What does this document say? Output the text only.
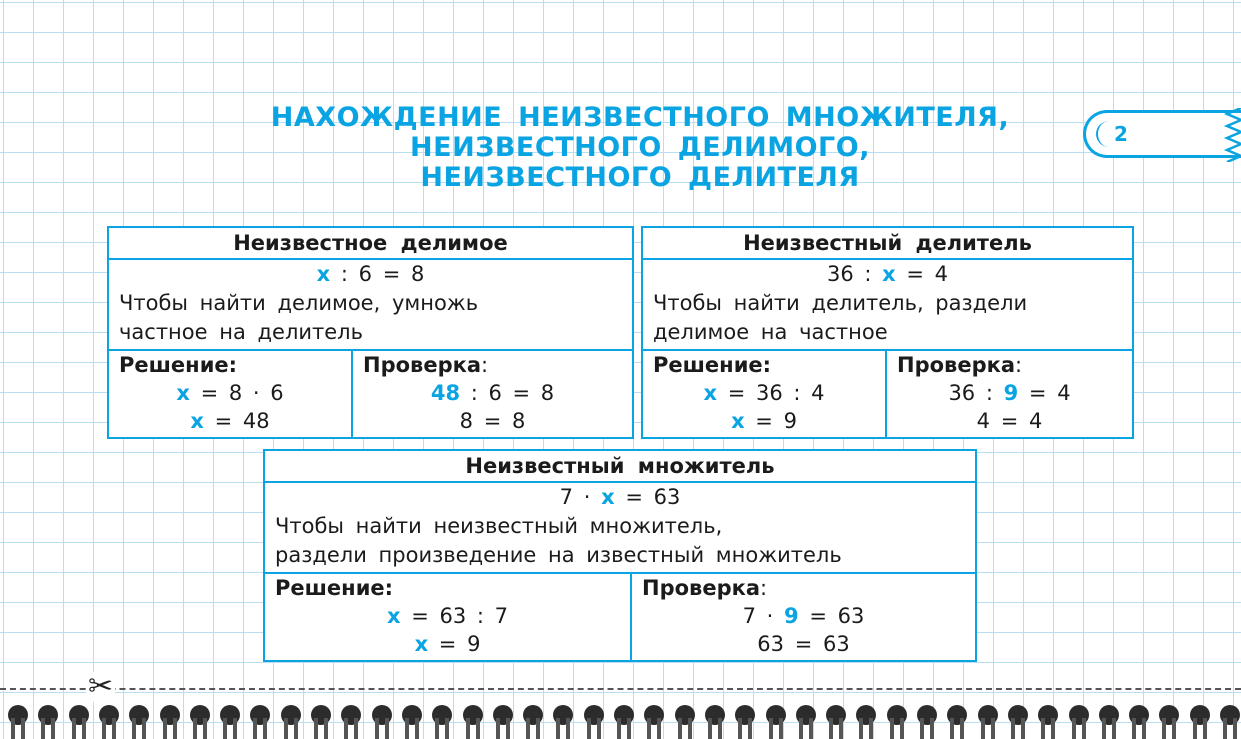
НАХОЖДЕНИЕ НЕИЗВЕСТНОГО МНОЖИТЕЛЯ,
НЕИЗВЕСТНОГО ДЕЛИМОГО,
НЕИЗВЕСТНОГО ДЕЛИТЕЛЯ
2
Неизвестное делимое

x : 6 = 8
Чтобы найти делимое, умножь
частное на делитель

Решение:
x = 8 · 6
x = 48

Проверка:
48 : 6 = 8
8 = 8
Неизвестный делитель

36 : x = 4
Чтобы найти делитель, раздели
делимое на частное

Решение:
x = 36 : 4
x = 9

Проверка:
36 : 9 = 4
4 = 4
Неизвестный множитель

7 · x = 63
Чтобы найти неизвестный множитель,
раздели произведение на известный множитель

Решение:
x = 63 : 7
x = 9

Проверка:
7 · 9 = 63
63 = 63
✂
